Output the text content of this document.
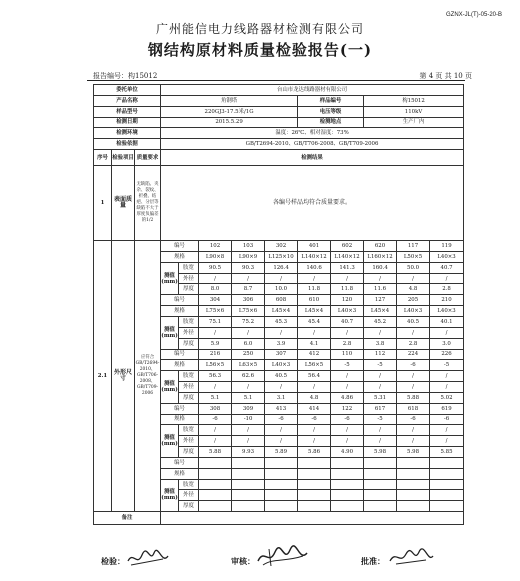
GZNX-JL(T)-05-20-B
广州能信电力线路器材检测有限公司
钢结构原材料质量检验报告(一)
报告编号：构15012	第 4 页 共 10 页
委托单位			台山市龙达线路器材有限公司									
产品名称			角钢塔					样品编号		构15012		
样品型号			220GJ3-17.5米/1G					电压等级		110kV		
检测日期			2015.5.29					检测地点		生产厂内		
检测环境			温度：26℃、相对湿度：73%									
检验依据			GB/T2694-2010、GB/T706-2008、GB/T709-2006									
序号	检验项目	质量要求	检测结果									
1	表面质量	无缺陷、夹杂、裂纹、折叠、结疤、分层等缺陷不大于厚度负偏差的1/2	各编号样品均符合质量要求。									
2.1	外形尺寸	应符合GB/T2694-2010、GB/T706-2008、GB/T709-2006	编号		102	103	302	401	602	620	117	119
			规格		L90×8	L90×9	L125×10	L140×12	L140×12	L160×12	L50×5	L40×3
			测值(mm)	肢宽	90.5	90.3	126.4	140.6	141.3	160.4	50.0	40.7
				外径	/	/	/	/	/	/	/	/
				厚度	8.0	8.7	10.0	11.8	11.8	11.6	4.8	2.8
			编号		304	306	608	610	120	127	205	210
			规格		L75×6	L75×6	L45×4	L45×4	L40×3	L45×4	L40×3	L40×3
			测值(mm)	肢宽	75.1	75.2	45.3	45.4	40.7	45.2	40.5	40.1
				外径	/	/	/	/	/	/	/	/
				厚度	5.9	6.0	3.9	4.1	2.8	3.8	2.8	3.0
			编号		216	250	307	412	110	112	224	226
			规格		L56×5	L63×5	L40×3	L56×5	-5	-5	-6	-5
			测值(mm)	肢宽	56.3	62.6	40.5	56.4	/	/	/	/
				外径	/	/	/	/	/	/	/	/
				厚度	5.1	5.1	3.1	4.8	4.86	5.31	5.88	5.02
			编号		308	309	413	414	122	617	618	619
			规格		-6	-10	-6	-6	-6	-5	-6	-6
			测值(mm)	肢宽	/	/	/	/	/	/	/	/
				外径	/	/	/	/	/	/	/	/
				厚度	5.88	9.93	5.89	5.86	4.90	5.98	5.98	5.85
			编号									
			规格									
			测值(mm)	肢宽								
				外径								
				厚度								
备注												
检验：	审核：	批准：
